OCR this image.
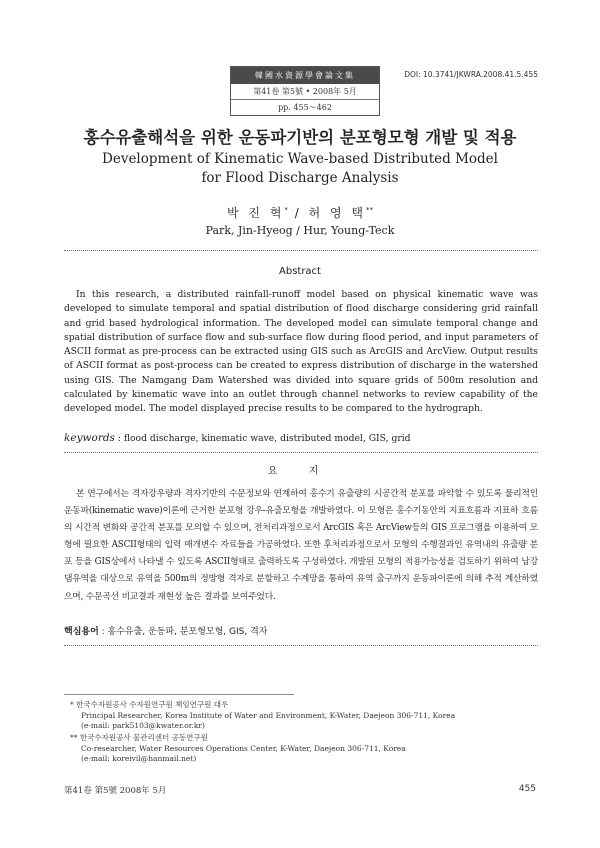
韓國水資源學會論文集
第41卷 第5號 • 2008年 5月
pp. 455～462
DOI: 10.3741/JKWRA.2008.41.5.455
홍수유출해석을 위한 운동파기반의 분포형모형 개발 및 적용
Development of Kinematic Wave-based Distributed Model
for Flood Discharge Analysis
박 진 혁* / 허 영 택**
Park, Jin-Hyeog / Hur, Young-Teck
Abstract
In this research, a distributed rainfall-runoff model based on physical kinematic wave was developed to simulate temporal and spatial distribution of flood discharge considering grid rainfall and grid based hydrological information. The developed model can simulate temporal change and spatial distribution of surface flow and sub-surface flow during flood period, and input parameters of ASCII format as pre-process can be extracted using GIS such as ArcGIS and ArcView. Output results of ASCII format as post-process can be created to express distribution of discharge in the watershed using GIS. The Namgang Dam Watershed was divided into square grids of 500m resolution and calculated by kinematic wave into an outlet through channel networks to review capability of the developed model. The model displayed precise results to be compared to the hydrograph.
keywords : flood discharge, kinematic wave, distributed model, GIS, grid
요 지
본 연구에서는 격자강우량과 격자기반의 수문정보와 연계하여 홍수기 유출량의 시공간적 분포를 파악할 수 있도록 물리적인 운동파(kinematic wave)이론에 근거한 분포형 강우-유출모형을 개발하였다. 이 모형은 홍수기동안의 지표흐름과 지표하 흐름의 시간적 변화와 공간적 분포를 모의할 수 있으며, 전처리과정으로서 ArcGIS 혹은 ArcView등의 GIS 프로그램을 이용하여 모형에 필요한 ASCII형태의 입력 매개변수 자료들을 가공하였다. 또한 후처리과정으로서 모형의 수행결과인 유역내의 유출량 분포 등을 GIS상에서 나타낼 수 있도록 ASCII형태로 출력하도록 구성하였다. 개발된 모형의 적용가능성을 검토하기 위하여 남강댐유역을 대상으로 유역을 500m의 정방형 격자로 분할하고 수계망을 통하여 유역 출구까지 운동파이론에 의해 추적 계산하였으며, 수문곡선 비교결과 재현성 높은 결과를 보여주었다.
핵심용어 : 홍수유출, 운동파, 분포형모형, GIS, 격자
* 한국수자원공사 수자원연구원 책임연구원 대우
Principal Researcher, Korea Institute of Water and Environment, K-Water, Daejeon 306-711, Korea
(e-mail: park5103@kwater.or.kr)
** 한국수자원공사 물관리센터 공동연구원
Co-researcher, Water Resources Operations Center, K-Water, Daejeon 306-711, Korea
(e-mail: koreivil@hanmail.net)
第41卷 第5號 2008年 5月	455
